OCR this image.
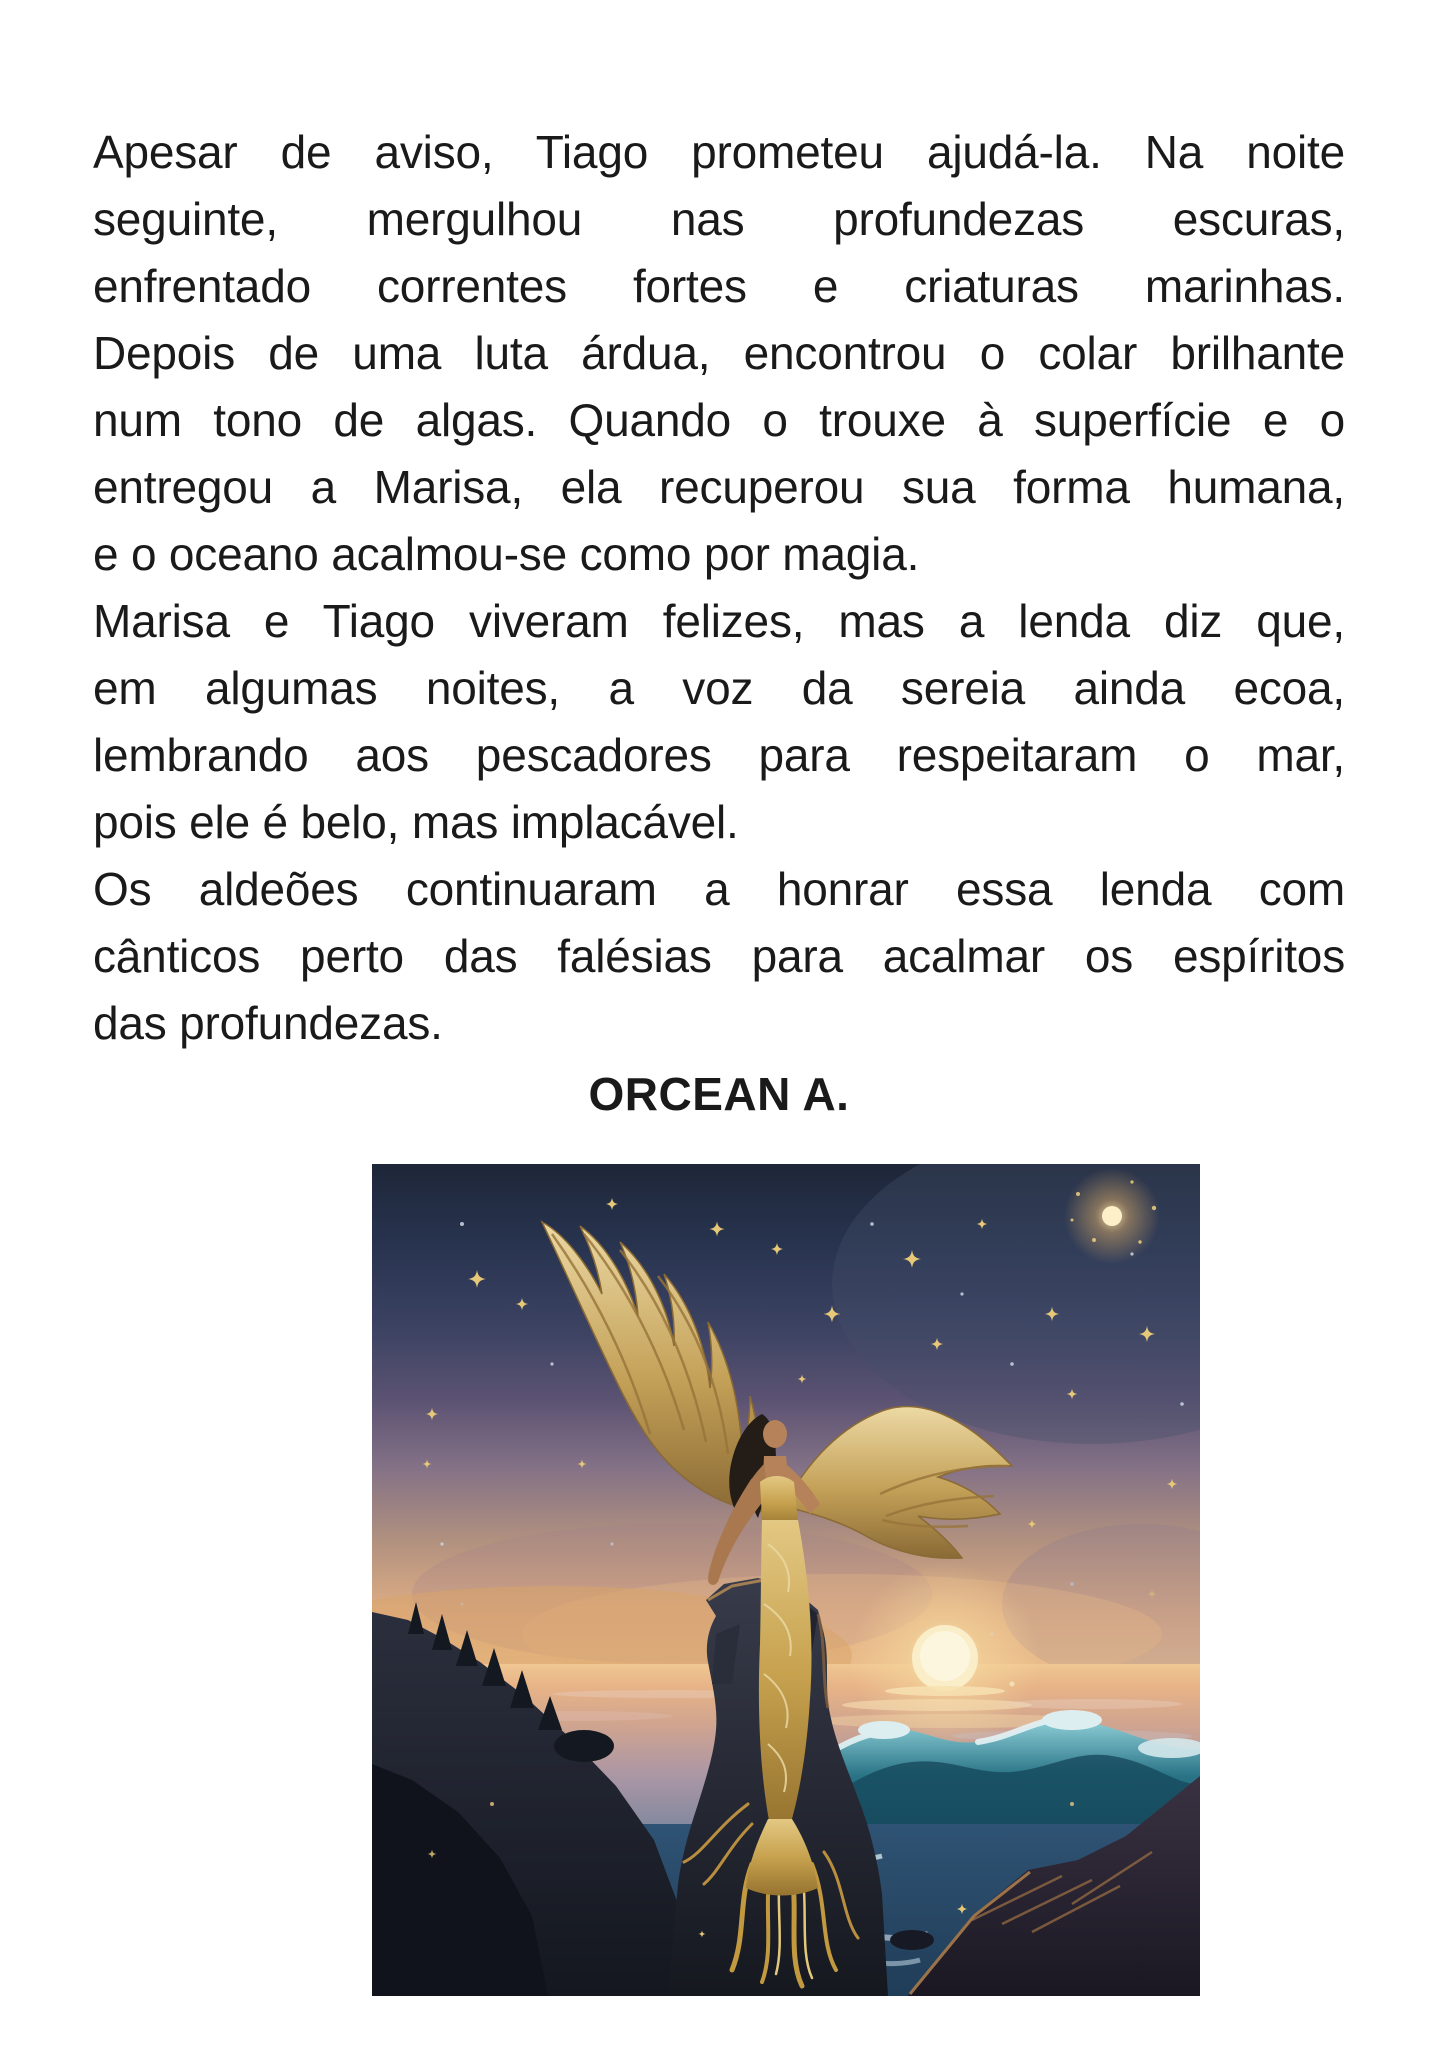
Apesar de aviso, Tiago prometeu ajudá-la. Na noite
seguinte, mergulhou nas profundezas escuras,
enfrentado correntes fortes e criaturas marinhas.
Depois de uma luta árdua, encontrou o colar brilhante
num tono de algas. Quando o trouxe à superfície e o
entregou a Marisa, ela recuperou sua forma humana,
e o oceano acalmou-se como por magia.
Marisa e Tiago viveram felizes, mas a lenda diz que,
em algumas noites, a voz da sereia ainda ecoa,
lembrando aos pescadores para respeitaram o mar,
pois ele é belo, mas implacável.
Os aldeões continuaram a honrar essa lenda com
cânticos perto das falésias para acalmar os espíritos
das profundezas.
ORCEAN A.
